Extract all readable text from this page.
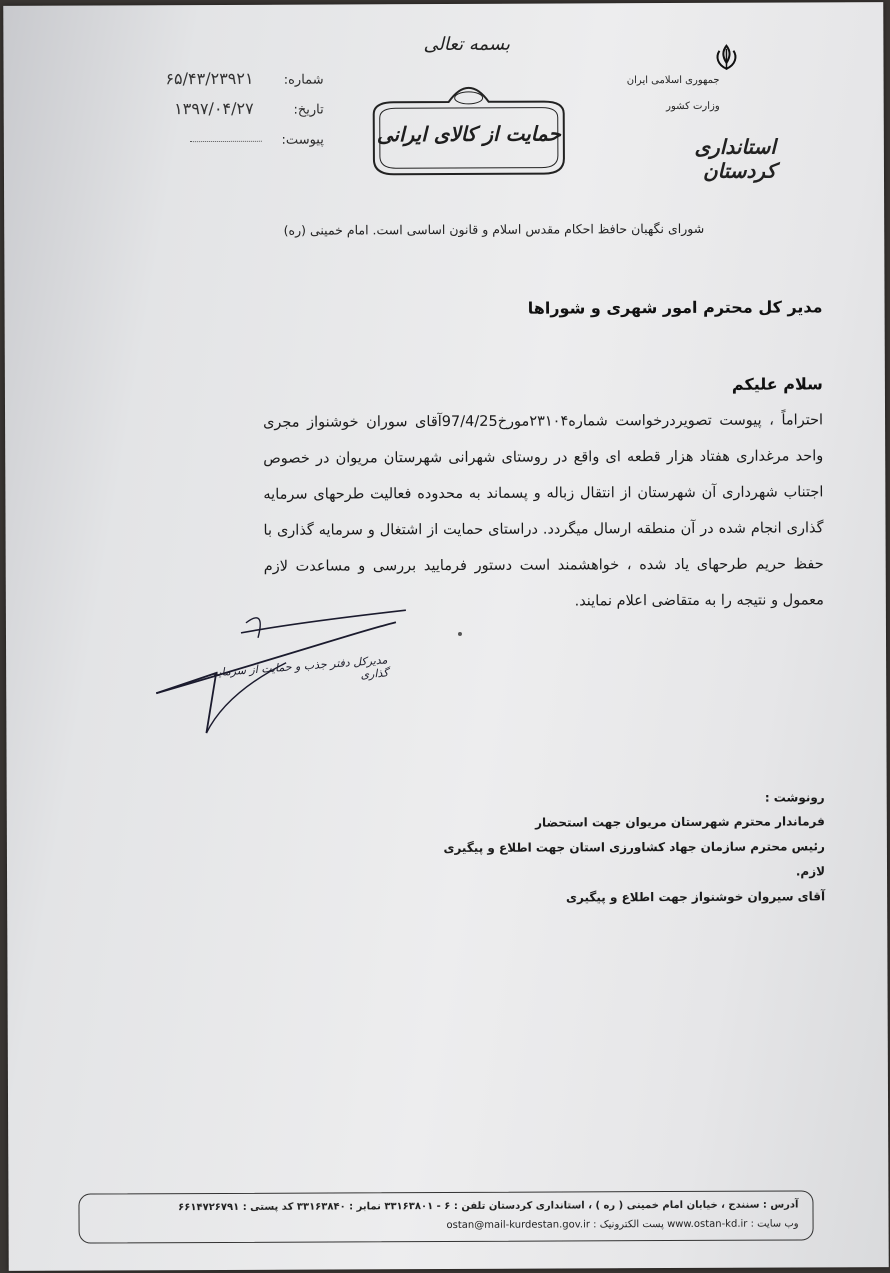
شماره:
۶۵/۴۳/۲۳۹۲۱
تاریخ:
۱۳۹۷/۰۴/۲۷
پیوست:
بسمه تعالی
حمایت از کالای ایرانی
جمهوری اسلامی ایران
وزارت کشور
استانداری کردستان
شورای نگهبان حافظ احکام مقدس اسلام و قانون اساسی است. امام خمینی (ره)
مدیر کل محترم امور شهری و شوراها
سلام علیکم
احتراماً ، پیوست تصویردرخواست شماره۲۳۱۰۴مورخ97/4/25آقای سوران خوشنواز مجری واحد مرغداری هفتاد هزار قطعه ای واقع در روستای شهرانی شهرستان مریوان در خصوص اجتناب شهرداری آن شهرستان از انتقال زباله و پسماند به محدوده فعالیت طرحهای سرمایه گذاری انجام شده در آن منطقه ارسال میگردد. دراستای حمایت از اشتغال و سرمایه گذاری با حفظ حریم طرحهای یاد شده ، خواهشمند است دستور فرمایید بررسی و مساعدت لازم معمول و نتیجه را به متقاضی اعلام نمایند.
مدیرکل دفتر جذب و حمایت از سرمایه گذاری
رونوشت :
فرماندار محترم شهرستان مریوان جهت استحضار
رئیس محترم سازمان جهاد کشاورزی استان جهت اطلاع و پیگیری لازم.
آقای سیروان خوشنواز جهت اطلاع و پیگیری
آدرس : سنندج ، خیابان امام خمینی ( ره ) ، استانداری کردستان تلفن : ۶ - ۳۳۱۶۳۸۰۱ نمابر : ۳۳۱۶۳۸۴۰ کد پستی : ۶۶۱۴۷۲۶۷۹۱
وب سایت : www.ostan-kd.ir پست الکترونیک : ostan@mail-kurdestan.gov.ir
